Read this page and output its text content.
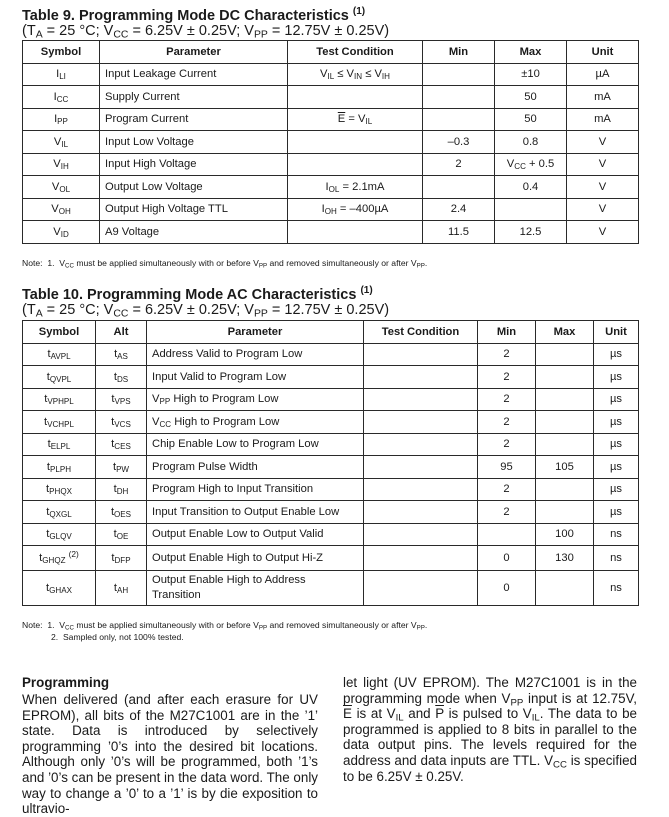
Table 9. Programming Mode DC Characteristics $^{(1)}$
($T_A = 25$ °C; $V_{CC} = 6.25V \pm 0.25V$; $V_{PP} = 12.75V \pm 0.25V$)
Symbol	Parameter	Test Condition	Min	Max	Unit
$I_{LI}$	Input Leakage Current	$V_{IL} \le V_{IN} \le V_{IH}$		±10	µA
$I_{CC}$	Supply Current			50	mA
$I_{PP}$	Program Current	$\overline{E} = V_{IL}$		50	mA
$V_{IL}$	Input Low Voltage		–0.3	0.8	V
$V_{IH}$	Input High Voltage		2	$V_{CC} + 0.5$	V
$V_{OL}$	Output Low Voltage	$I_{OL} = 2.1mA$		0.4	V
$V_{OH}$	Output High Voltage TTL	$I_{OH} = -400\mu A$	2.4		V
$V_{ID}$	A9 Voltage		11.5	12.5	V
Note: 1. $V_{CC}$ must be applied simultaneously with or before $V_{PP}$ and removed simultaneously or after $V_{PP}$.
Table 10. Programming Mode AC Characteristics $^{(1)}$
($T_A = 25$ °C; $V_{CC} = 6.25V \pm 0.25V$; $V_{PP} = 12.75V \pm 0.25V$)
Symbol	Alt	Parameter	Test Condition	Min	Max	Unit
$t_{AVPL}$	$t_{AS}$	Address Valid to Program Low		2		µs
$t_{QVPL}$	$t_{DS}$	Input Valid to Program Low		2		µs
$t_{VPHPL}$	$t_{VPS}$	$V_{PP}$ High to Program Low		2		µs
$t_{VCHPL}$	$t_{VCS}$	$V_{CC}$ High to Program Low		2		µs
$t_{ELPL}$	$t_{CES}$	Chip Enable Low to Program Low		2		µs
$t_{PLPH}$	$t_{PW}$	Program Pulse Width		95	105	µs
$t_{PHQX}$	$t_{DH}$	Program High to Input Transition		2		µs
$t_{QXGL}$	$t_{OES}$	Input Transition to Output Enable Low		2		µs
$t_{GLQV}$	$t_{OE}$	Output Enable Low to Output Valid			100	ns
$t_{GHQZ}$ $^{(2)}$	$t_{DFP}$	Output Enable High to Output Hi-Z		0	130	ns
$t_{GHAX}$	$t_{AH}$	Output Enable High to Address
Transition		0		ns
Note: 1. $V_{CC}$ must be applied simultaneously with or before $V_{PP}$ and removed simultaneously or after $V_{PP}$.
2. Sampled only, not 100% tested.
Programming
When delivered (and after each erasure for UV EPROM), all bits of the M27C1001 are in the ’1’ state. Data is introduced by selectively programming ’0’s into the desired bit locations. Although only ’0’s will be programmed, both ’1’s and ’0’s can be present in the data word. The only way to change a ’0’ to a ’1’ is by die exposition to ultravio-
let light (UV EPROM). The M27C1001 is in the programming mode when $V_{PP}$ input is at 12.75V, $\overline{E}$ is at $V_{IL}$ and $\overline{P}$ is pulsed to $V_{IL}$. The data to be programmed is applied to 8 bits in parallel to the data output pins. The levels required for the address and data inputs are TTL. $V_{CC}$ is specified to be 6.25V ± 0.25V.
